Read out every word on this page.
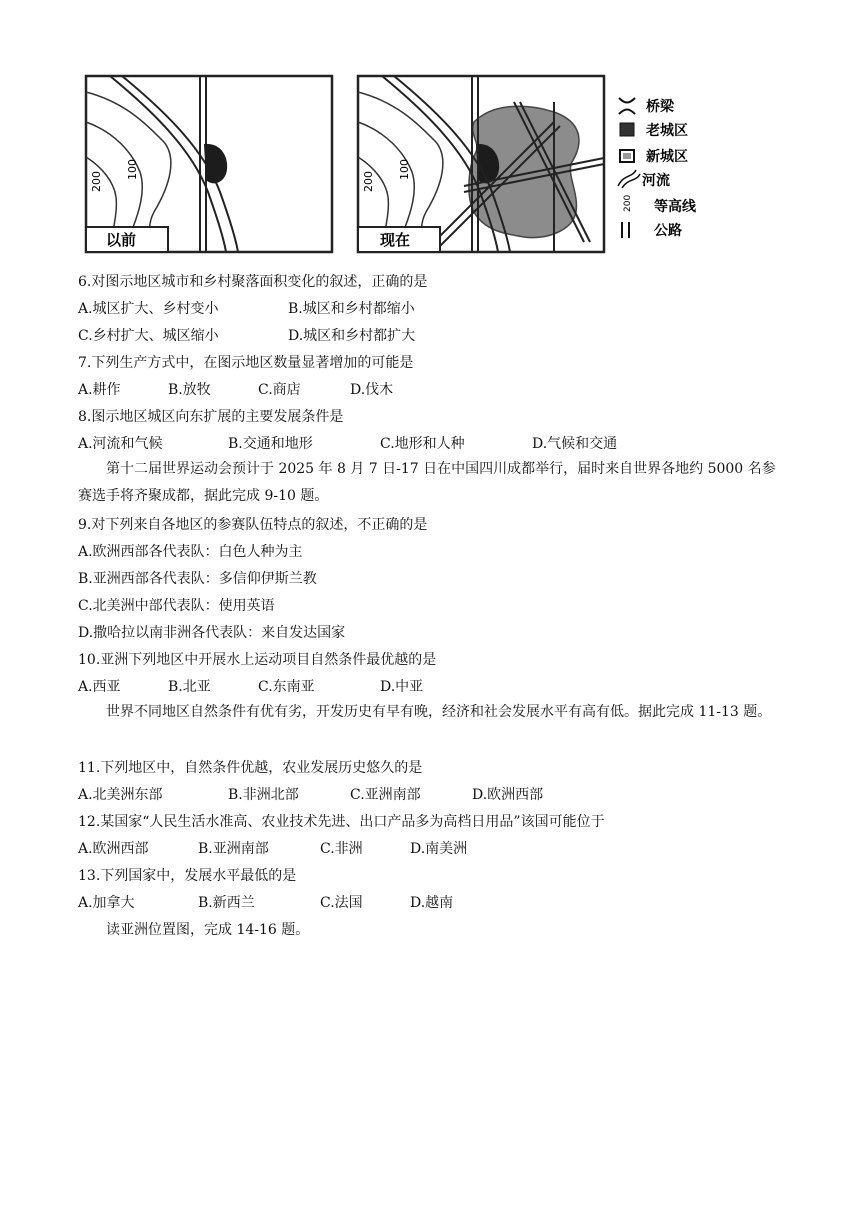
200
100
以前
200
100
现在
桥梁
老城区
新城区
河流
200 等高线
公路
6.对图示地区城市和乡村聚落面积变化的叙述，正确的是
A.城区扩大、乡村变小	B.城区和乡村都缩小
C.乡村扩大、城区缩小	D.城区和乡村都扩大
7.下列生产方式中，在图示地区数量显著增加的可能是
A.耕作	B.放牧	C.商店	D.伐木
8.图示地区城区向东扩展的主要发展条件是
A.河流和气候	B.交通和地形	C.地形和人种	D.气候和交通
第十二届世界运动会预计于 2025 年 8 月 7 日-17 日在中国四川成都举行，届时来自世界各地约 5000 名参赛选手将齐聚成都，据此完成 9-10 题。
9.对下列来自各地区的参赛队伍特点的叙述，不正确的是
A.欧洲西部各代表队：白色人种为主
B.亚洲西部各代表队：多信仰伊斯兰教
C.北美洲中部代表队：使用英语
D.撒哈拉以南非洲各代表队：来自发达国家
10.亚洲下列地区中开展水上运动项目自然条件最优越的是
A.西亚	B.北亚	C.东南亚	D.中亚
世界不同地区自然条件有优有劣，开发历史有早有晚，经济和社会发展水平有高有低。据此完成 11-13 题。
11.下列地区中，自然条件优越，农业发展历史悠久的是
A.北美洲东部	B.非洲北部	C.亚洲南部	D.欧洲西部
12.某国家“人民生活水准高、农业技术先进、出口产品多为高档日用品”该国可能位于
A.欧洲西部	B.亚洲南部	C.非洲	D.南美洲
13.下列国家中，发展水平最低的是
A.加拿大	B.新西兰	C.法国	D.越南
读亚洲位置图，完成 14-16 题。
